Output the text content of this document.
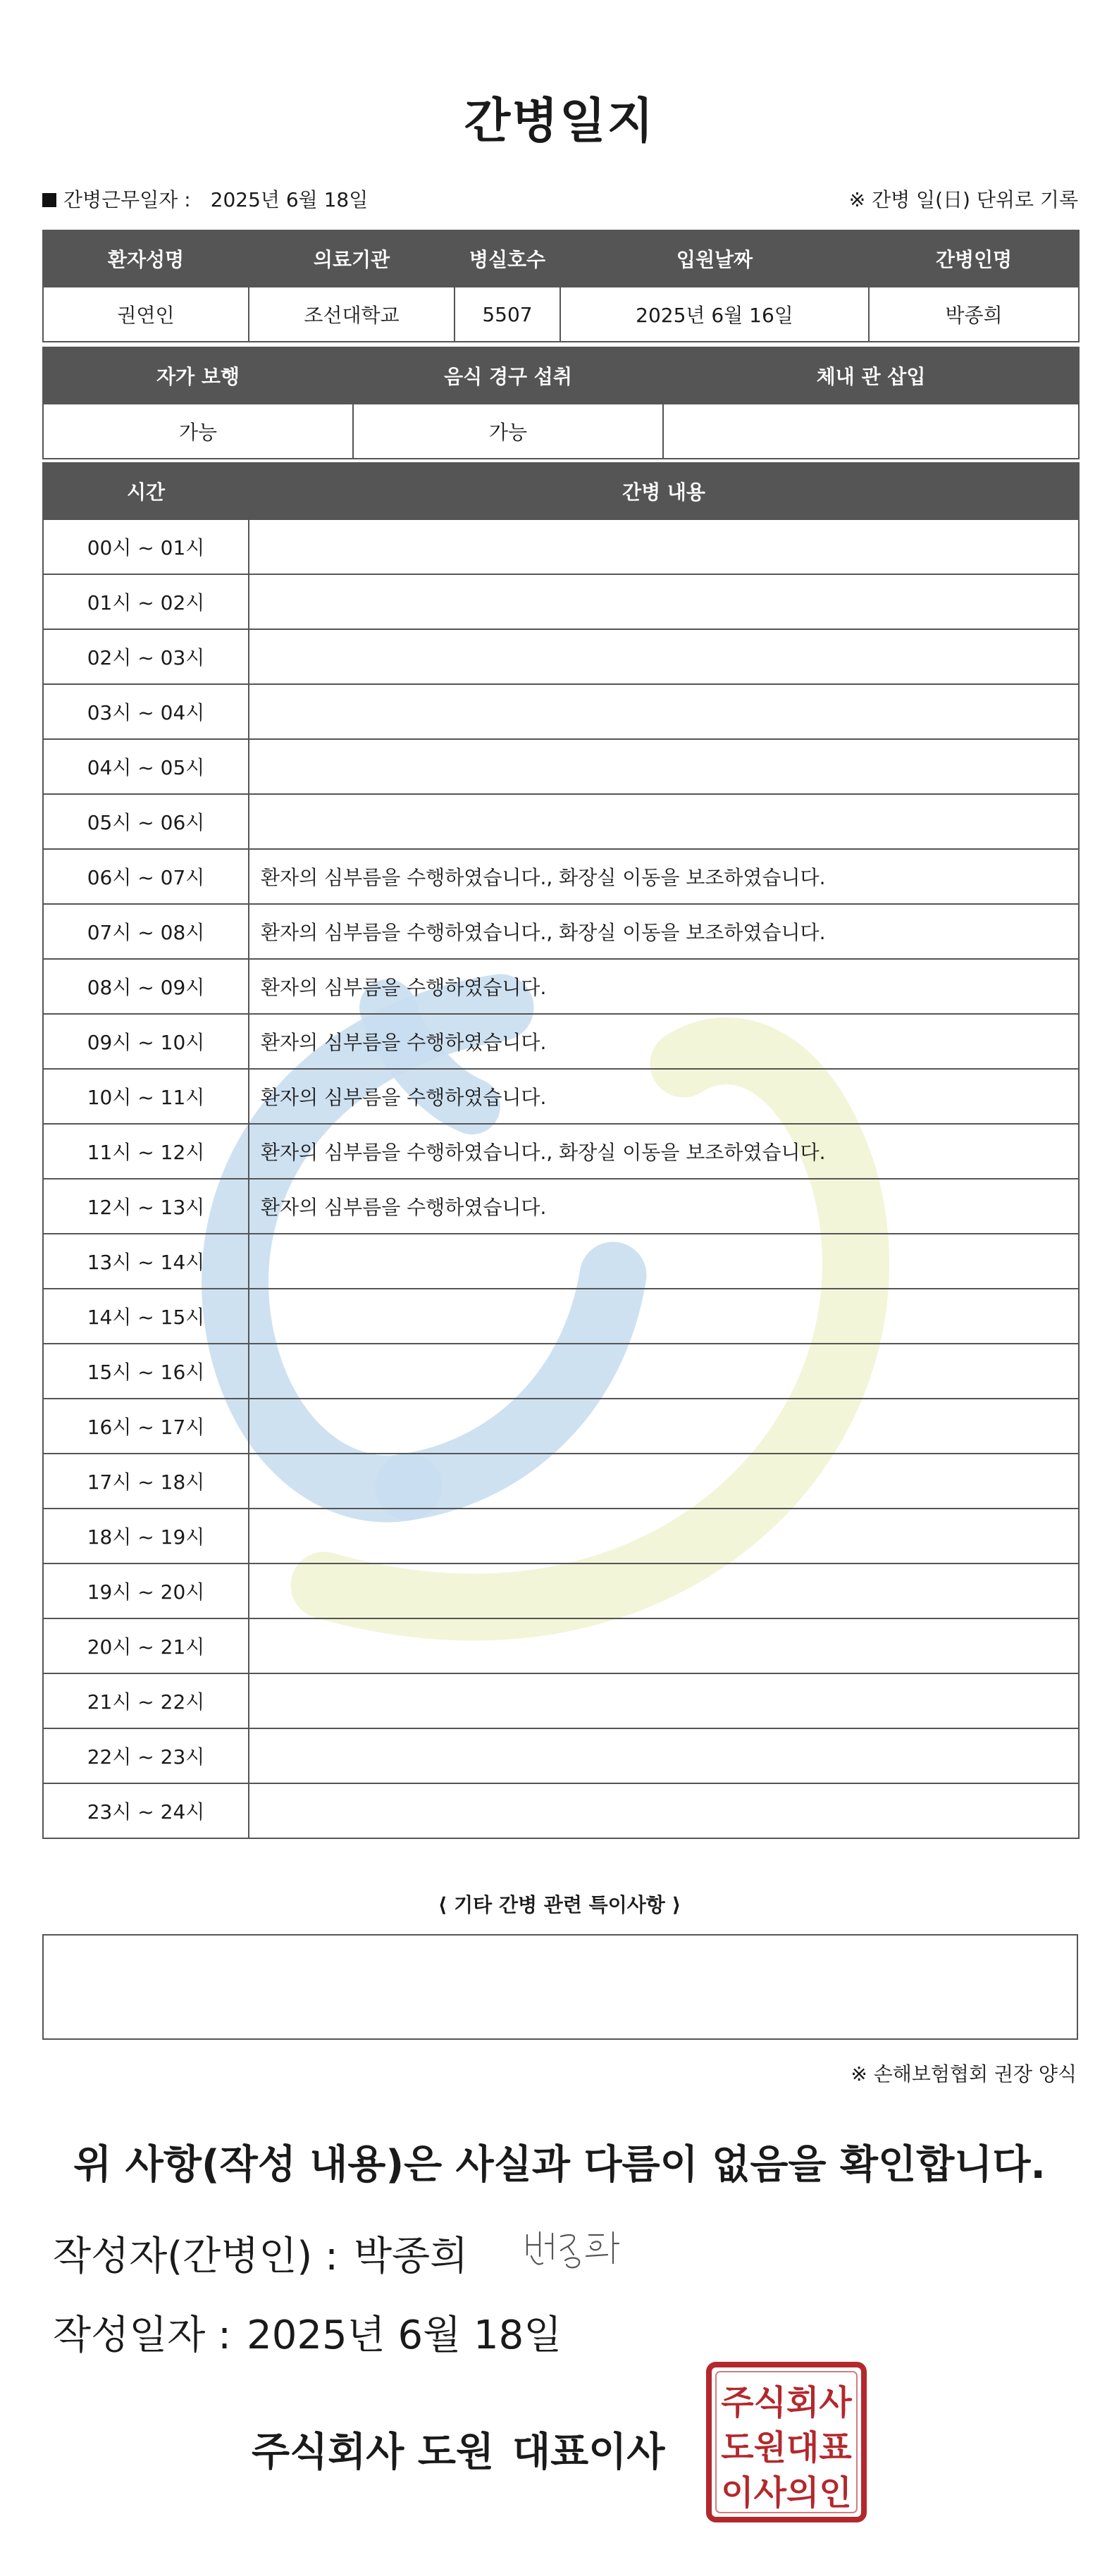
간병일지
간병근무일자 : 2025년 6월 18일	※ 간병 일(日) 단위로 기록
환자성명	의료기관	병실호수	입원날짜	간병인명
권연인	조선대학교	5507	2025년 6월 16일	박종희
자가 보행	음식 경구 섭취	체내 관 삽입
가능	가능	
시간	간병 내용
00시 ~ 01시	
01시 ~ 02시	
02시 ~ 03시	
03시 ~ 04시	
04시 ~ 05시	
05시 ~ 06시	
06시 ~ 07시	환자의 심부름을 수행하였습니다., 화장실 이동을 보조하였습니다.
07시 ~ 08시	환자의 심부름을 수행하였습니다., 화장실 이동을 보조하였습니다.
08시 ~ 09시	환자의 심부름을 수행하였습니다.
09시 ~ 10시	환자의 심부름을 수행하였습니다.
10시 ~ 11시	환자의 심부름을 수행하였습니다.
11시 ~ 12시	환자의 심부름을 수행하였습니다., 화장실 이동을 보조하였습니다.
12시 ~ 13시	환자의 심부름을 수행하였습니다.
13시 ~ 14시	
14시 ~ 15시	
15시 ~ 16시	
16시 ~ 17시	
17시 ~ 18시	
18시 ~ 19시	
19시 ~ 20시	
20시 ~ 21시	
21시 ~ 22시	
22시 ~ 23시	
23시 ~ 24시	
⟨ 기타 간병 관련 특이사항 ⟩
※ 손해보험협회 권장 양식
위 사항(작성 내용)은 사실과 다름이 없음을 확인합니다.
작성자(간병인) : 박종희
작성일자 : 2025년 6월 18일
주식회사 도원 대표이사
주식회사
도원대표
이사의인
